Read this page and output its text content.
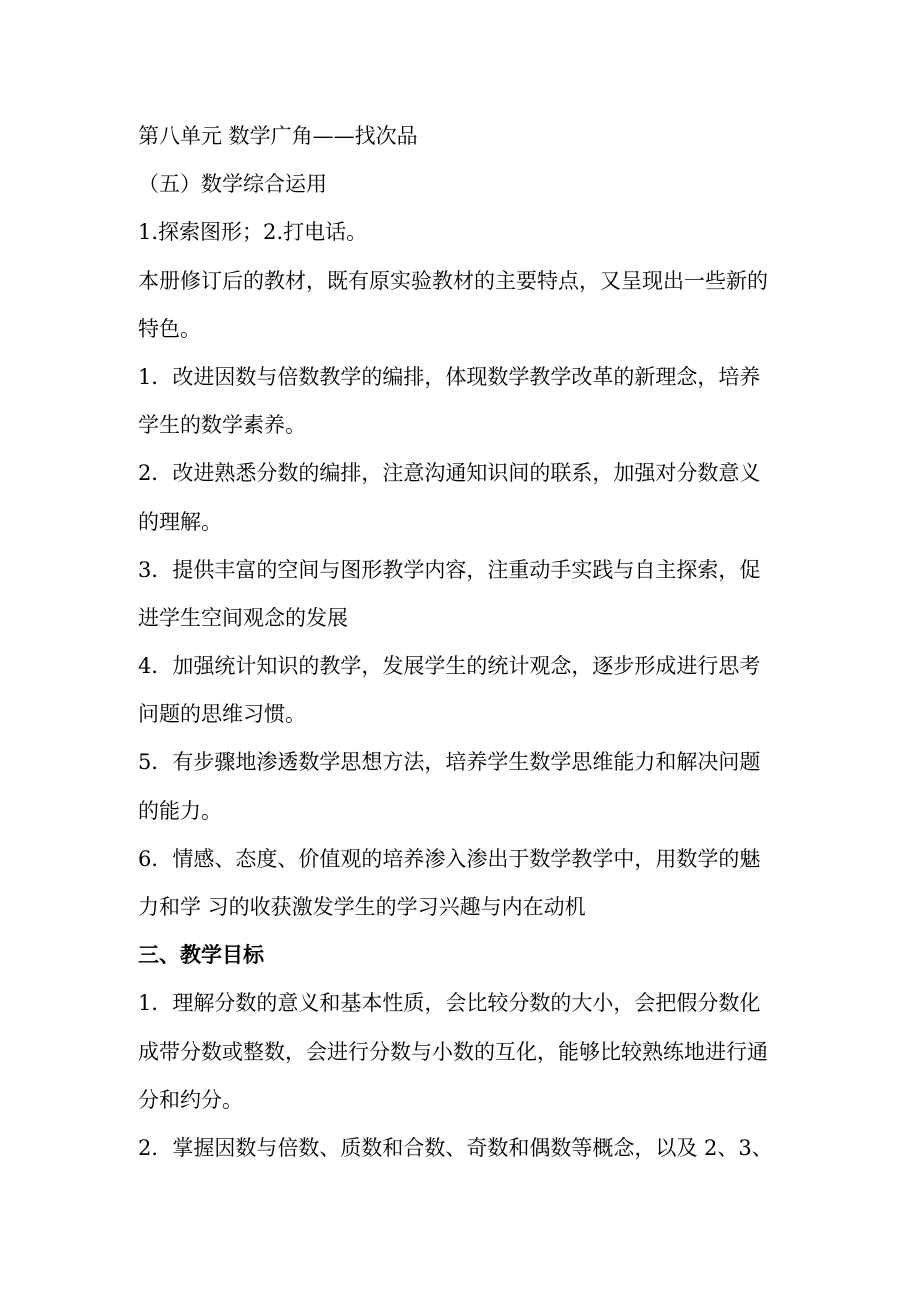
第八单元 数学广角——找次品
（五）数学综合运用
1.探索图形；2.打电话。
本册修订后的教材，既有原实验教材的主要特点，又呈现出一些新的
特色。
1．改进因数与倍数教学的编排，体现数学教学改革的新理念，培养
学生的数学素养。
2．改进熟悉分数的编排，注意沟通知识间的联系，加强对分数意义
的理解。
3．提供丰富的空间与图形教学内容，注重动手实践与自主探索，促
进学生空间观念的发展
4．加强统计知识的教学，发展学生的统计观念，逐步形成进行思考
问题的思维习惯。
5．有步骤地渗透数学思想方法，培养学生数学思维能力和解决问题
的能力。
6．情感、态度、价值观的培养渗入渗出于数学教学中，用数学的魅
力和学 习的收获激发学生的学习兴趣与内在动机
三、教学目标
1．理解分数的意义和基本性质，会比较分数的大小，会把假分数化
成带分数或整数，会进行分数与小数的互化，能够比较熟练地进行通
分和约分。
2．掌握因数与倍数、质数和合数、奇数和偶数等概念，以及 2、3、
